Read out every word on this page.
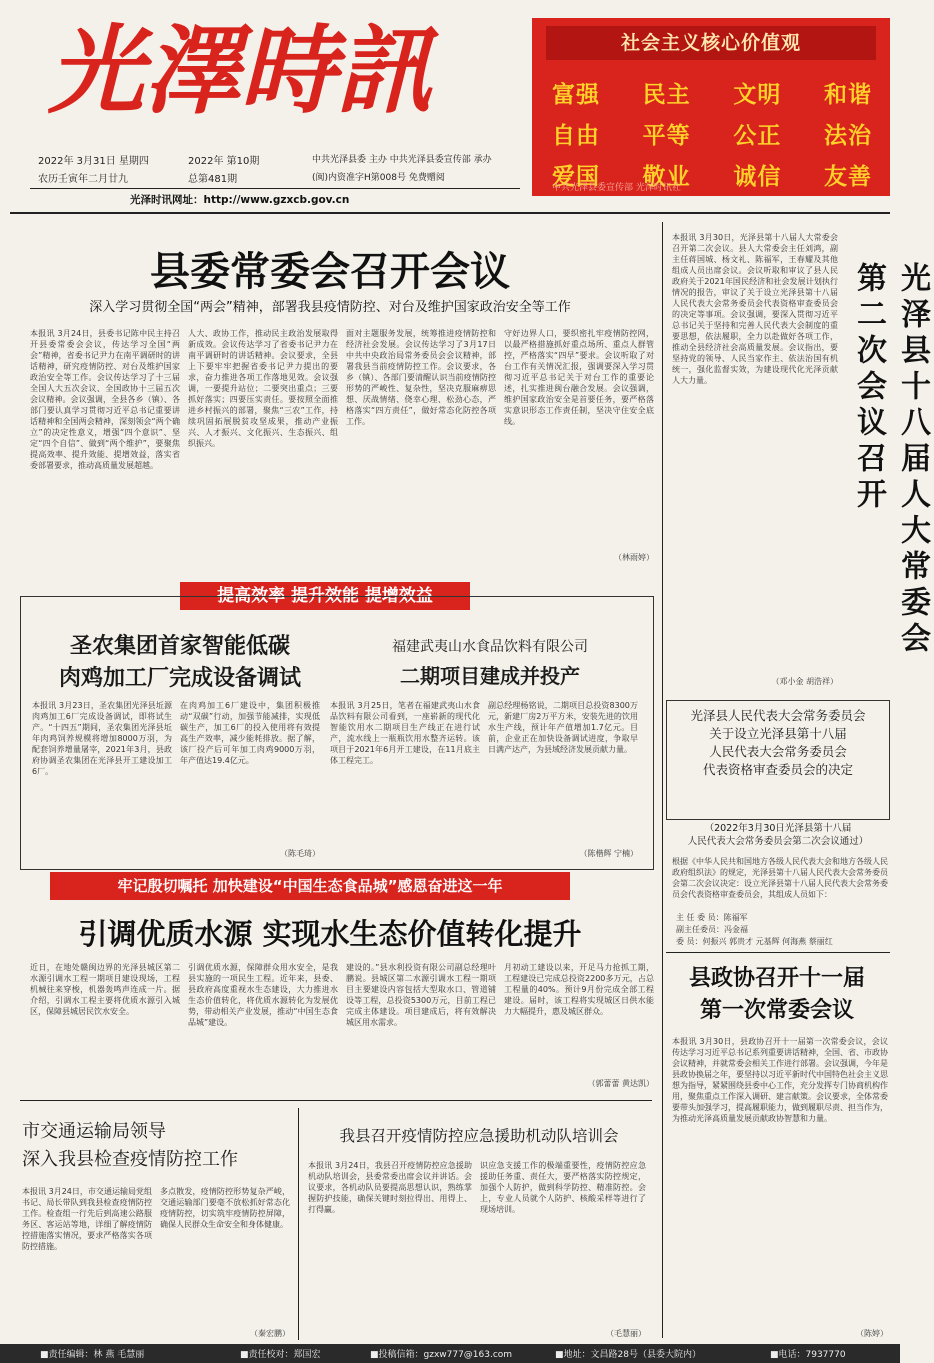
光澤時訊
2022年 3月31日 星期四
农历壬寅年二月廿九
2022年 第10期
总第481期
中共光泽县委 主办 中共光泽县委宣传部 承办
(闽)内资准字H第008号 免费赠阅
光泽时讯网址：http://www.gzxcb.gov.cn
社会主义核心价值观
富强 民主 文明 和谐
自由 平等 公正 法治
爱国 敬业 诚信 友善
中共光泽县委宣传部 光泽时讯社
县委常委会召开会议
深入学习贯彻全国“两会”精神，部署我县疫情防控、对台及维护国家政治安全等工作
本报讯 3月24日，县委书记陈中民主持召开县委常委会会议，传达学习全国“两会”精神，省委书记尹力在南平调研时的讲话精神，研究疫情防控、对台及维护国家政治安全等工作。会议传达学习了十三届全国人大五次会议、全国政协十三届五次会议精神。会议强调，全县各乡（镇）、各部门要认真学习贯彻习近平总书记重要讲话精神和全国两会精神，深刻领会“两个确立”的决定性意义，增强“四个意识”、坚定“四个自信”、做到“两个维护”，要聚焦提高效率、提升效能、提增效益，落实省委部署要求，推动高质量发展超越。
人大、政协工作，推动民主政治发展取得新成效。会议传达学习了省委书记尹力在南平调研时的讲话精神。会议要求，全县上下要牢牢把握省委书记尹力提出的要求，奋力推进各项工作落地见效。会议强调，一要提升站位；二要突出重点；三要抓好落实；四要压实责任。要按照全面推进乡村振兴的部署，聚焦“三农”工作，持续巩固拓展脱贫攻坚成果，推动产业振兴、人才振兴、文化振兴、生态振兴、组织振兴。
面对主题服务发展，统筹推进疫情防控和经济社会发展。会议传达学习了3月17日中共中央政治局常务委员会会议精神，部署我县当前疫情防控工作。会议要求，各乡（镇）、各部门要清醒认识当前疫情防控形势的严峻性、复杂性，坚决克服麻痹思想、厌战情绪、侥幸心理、松劲心态，严格落实“四方责任”，做好常态化防控各项工作。
守好边界人口，要织密扎牢疫情防控网，以最严格措施抓好重点场所、重点人群管控，严格落实“四早”要求。会议听取了对台工作有关情况汇报，强调要深入学习贯彻习近平总书记关于对台工作的重要论述，扎实推进闽台融合发展。会议强调，维护国家政治安全是首要任务，要严格落实意识形态工作责任制，坚决守住安全底线。
（林雨婷）
提高效率 提升效能 提增效益
圣农集团首家智能低碳
肉鸡加工厂完成设备调试
本报讯 3月23日，圣农集团光泽县坵源肉鸡加工6厂完成设备调试，即将试生产。“十四五”期间，圣农集团光泽县坵年肉鸡饲养规模将增加8000万羽，为配套饲养增量屠宰，2021年3月，县政府协调圣农集团在光泽县开工建设加工6厂。
在肉鸡加工6厂建设中，集团积极推动“双碳”行动，加强节能减排，实现低碳生产，加工6厂的投入使用将有效提高生产效率，减少能耗排放。据了解，该厂投产后可年加工肉鸡9000万羽，年产值达19.4亿元。
（陈毛琦）
福建武夷山水食品饮料有限公司
二期项目建成并投产
本报讯 3月25日，笔者在福建武夷山水食品饮料有限公司看到，一座崭新的现代化智能饮用水二期项目生产线正在进行试产，流水线上一瓶瓶饮用水整齐运转。该项目于2021年6月开工建设，在11月底主体工程完工。
副总经理杨铭说，二期项目总投资8300万元，新建厂房2万平方米，安装先进的饮用水生产线，预计年产值增加1.7亿元。目前，企业正在加快设备调试进度，争取早日满产达产，为县域经济发展贡献力量。
（陈楷辉 宁楠）
牢记殷切嘱托 加快建设“中国生态食品城”感恩奋进这一年
引调优质水源 实现水生态价值转化提升
近日，在地处赣闽边界的光泽县城区第二水源引调水工程一期项目建设现场，工程机械往来穿梭，机器轰鸣声连成一片。据介绍，引调水工程主要将优质水源引入城区，保障县城居民饮水安全。
引调优质水源，保障群众用水安全，是我县实施的一项民生工程。近年来，县委、县政府高度重视水生态建设，大力推进水生态价值转化，将优质水源转化为发展优势，带动相关产业发展，推动“中国生态食品城”建设。
建设的。”县水利投资有限公司副总经理叶鹏说。县城区第二水源引调水工程一期项目主要建设内容包括大型取水口、管道铺设等工程，总投资5300万元，目前工程已完成主体建设。项目建成后，将有效解决城区用水需求。
月初动工建设以来，开足马力抢抓工期，工程建设已完成总投资2200多万元，占总工程量的40%。预计9月份完成全部工程建设。届时，该工程将实现城区日供水能力大幅提升，惠及城区群众。
（郭蕾蕾 黄达凯）
市交通运输局领导
深入我县检查疫情防控工作
本报讯 3月24日，市交通运输局党组书记、局长带队到我县检查疫情防控工作。检查组一行先后到高速公路服务区、客运站等地，详细了解疫情防控措施落实情况，要求严格落实各项防控措施。
多点散发，疫情防控形势复杂严峻，交通运输部门要毫不放松抓好常态化疫情防控，切实筑牢疫情防控屏障，确保人民群众生命安全和身体健康。
（秦宏鹏）
我县召开疫情防控应急援助机动队培训会
本报讯 3月24日，我县召开疫情防控应急援助机动队培训会，县委常委出席会议并讲话。会议要求，各机动队员要提高思想认识，熟练掌握防护技能，确保关键时刻拉得出、用得上、打得赢。
识应急支援工作的极端重要性，疫情防控应急援助任务重、责任大，要严格落实防控规定，加强个人防护，做到科学防控、精准防控。会上，专业人员就个人防护、核酸采样等进行了现场培训。
（毛慧丽）
本报讯 3月30日，光泽县第十八届人大常委会召开第二次会议。县人大常委会主任刘鸿，副主任蒋国城、杨文礼、陈福军，王春耀及其他组成人员出席会议。会议听取和审议了县人民政府关于2021年国民经济和社会发展计划执行情况的报告，审议了关于设立光泽县第十八届人民代表大会常务委员会代表资格审查委员会的决定等事项。会议强调，要深入贯彻习近平总书记关于坚持和完善人民代表大会制度的重要思想，依法履职，全力以赴做好各项工作，推动全县经济社会高质量发展。会议指出，要坚持党的领导、人民当家作主、依法治国有机统一，强化监督实效，为建设现代化光泽贡献人大力量。
（邓小金 胡浩祥）
光泽县十八届人大常委会第二次会议召开
光泽县人民代表大会常务委员会
关于设立光泽县第十八届
人民代表大会常务委员会
代表资格审查委员会的决定
（2022年3月30日光泽县第十八届
人民代表大会常务委员会第二次会议通过）
根据《中华人民共和国地方各级人民代表大会和地方各级人民政府组织法》的规定，光泽县第十八届人民代表大会常务委员会第二次会议决定：设立光泽县第十八届人民代表大会常务委员会代表资格审查委员会，其组成人员如下：
主 任 委 员：陈福军
副主任委员：冯金福
委 员：何振兴 郭贵才 元基辉 何海燕 蔡丽红
县政协召开十一届
第一次常委会议
本报讯 3月30日，县政协召开十一届第一次常委会议，会议传达学习习近平总书记系列重要讲话精神，全国、省、市政协会议精神，并就常委会相关工作进行部署。会议强调，今年是县政协换届之年，要坚持以习近平新时代中国特色社会主义思想为指导，紧紧围绕县委中心工作，充分发挥专门协商机构作用，聚焦重点工作深入调研、建言献策。会议要求，全体常委要带头加强学习，提高履职能力，做到履职尽责、担当作为，为推动光泽高质量发展贡献政协智慧和力量。
（陈婷）
■责任编辑：林 燕 毛慧丽	■责任校对：郑国宏	■投稿信箱：gzxw777@163.com	■地址：文昌路28号（县委大院内）	■电话：7937770
